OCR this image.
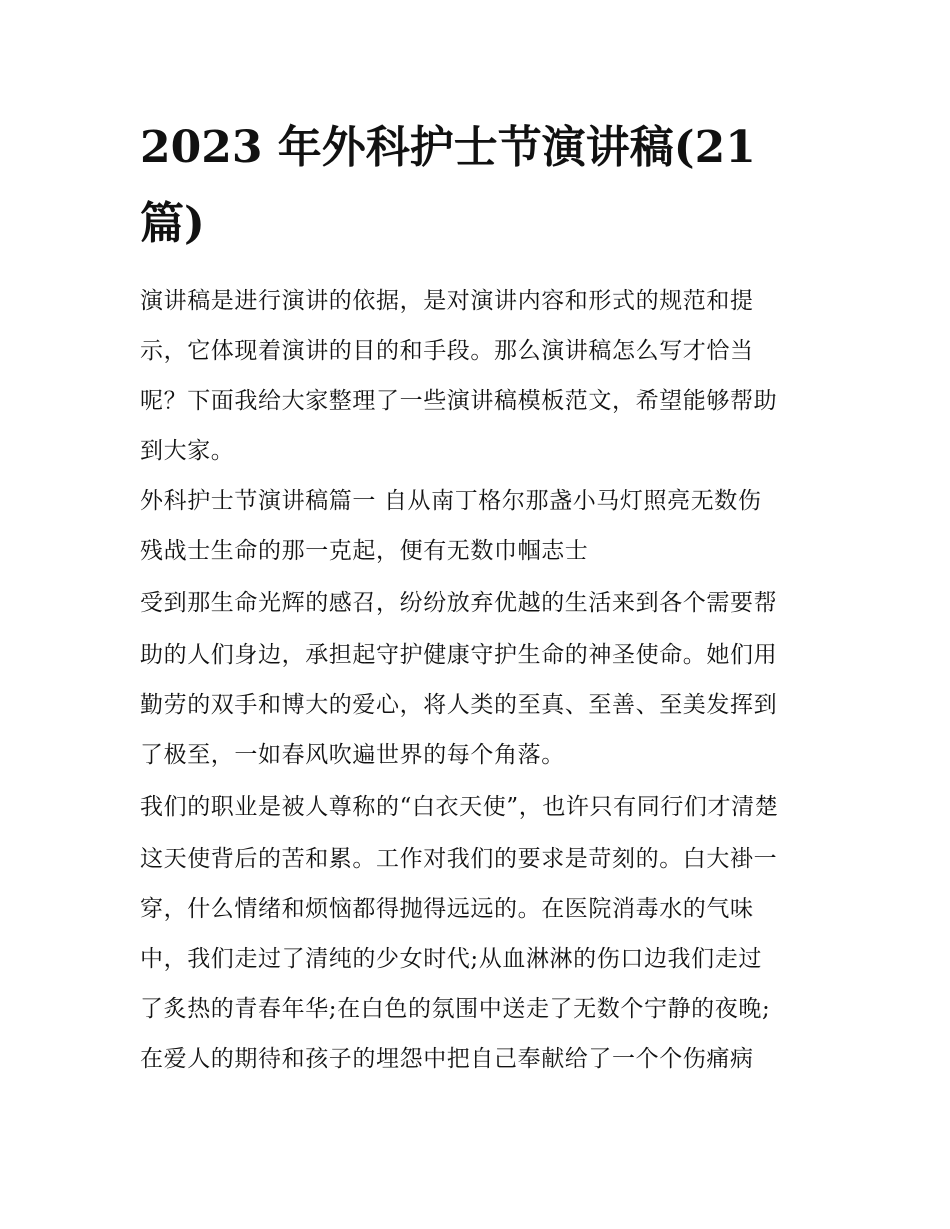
2023 年外科护士节演讲稿(21
篇)
演讲稿是进行演讲的依据，是对演讲内容和形式的规范和提
示，它体现着演讲的目的和手段。那么演讲稿怎么写才恰当
呢？下面我给大家整理了一些演讲稿模板范文，希望能够帮助
到大家。
外科护士节演讲稿篇一 自从南丁格尔那盏小马灯照亮无数伤
残战士生命的那一克起，便有无数巾帼志士
受到那生命光辉的感召，纷纷放弃优越的生活来到各个需要帮
助的人们身边，承担起守护健康守护生命的神圣使命。她们用
勤劳的双手和博大的爱心，将人类的至真、至善、至美发挥到
了极至，一如春风吹遍世界的每个角落。
我们的职业是被人尊称的“白衣天使”，也许只有同行们才清楚
这天使背后的苦和累。工作对我们的要求是苛刻的。白大褂一
穿，什么情绪和烦恼都得抛得远远的。在医院消毒水的气味
中，我们走过了清纯的少女时代;从血淋淋的伤口边我们走过
了炙热的青春年华;在白色的氛围中送走了无数个宁静的夜晚;
在爱人的期待和孩子的埋怨中把自己奉献给了一个个伤痛病
